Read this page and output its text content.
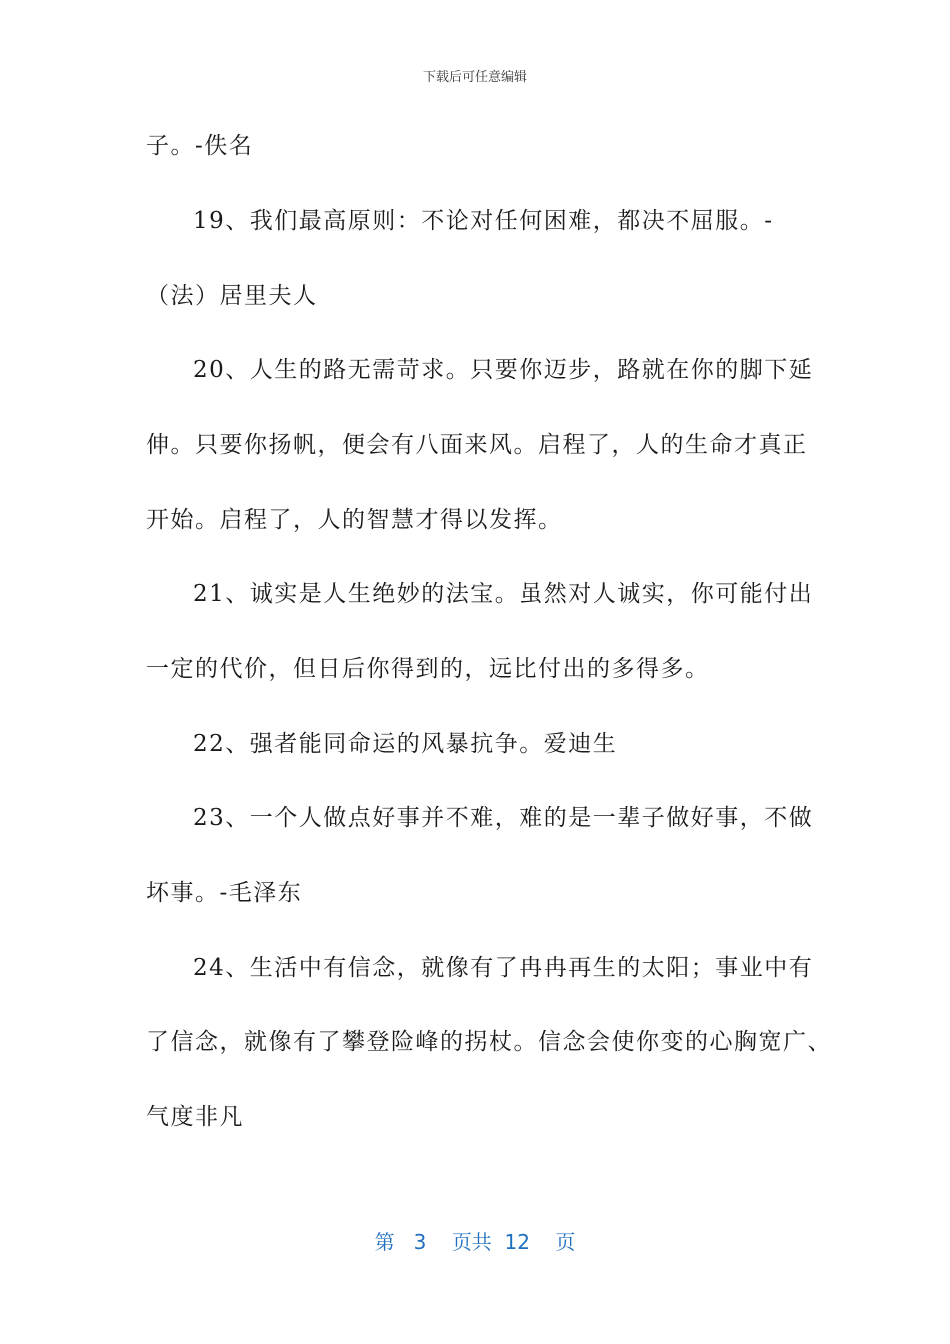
下载后可任意编辑
子。-佚名
19、我们最高原则：不论对任何困难，都决不屈服。-
（法）居里夫人
20、人生的路无需苛求。只要你迈步，路就在你的脚下延
伸。只要你扬帆，便会有八面来风。启程了，人的生命才真正
开始。启程了，人的智慧才得以发挥。
21、诚实是人生绝妙的法宝。虽然对人诚实，你可能付出
一定的代价，但日后你得到的，远比付出的多得多。
22、强者能同命运的风暴抗争。爱迪生
23、一个人做点好事并不难，难的是一辈子做好事，不做
坏事。-毛泽东
24、生活中有信念，就像有了冉冉再生的太阳；事业中有
了信念，就像有了攀登险峰的拐杖。信念会使你变的心胸宽广、
气度非凡
第 3 页共 12 页
